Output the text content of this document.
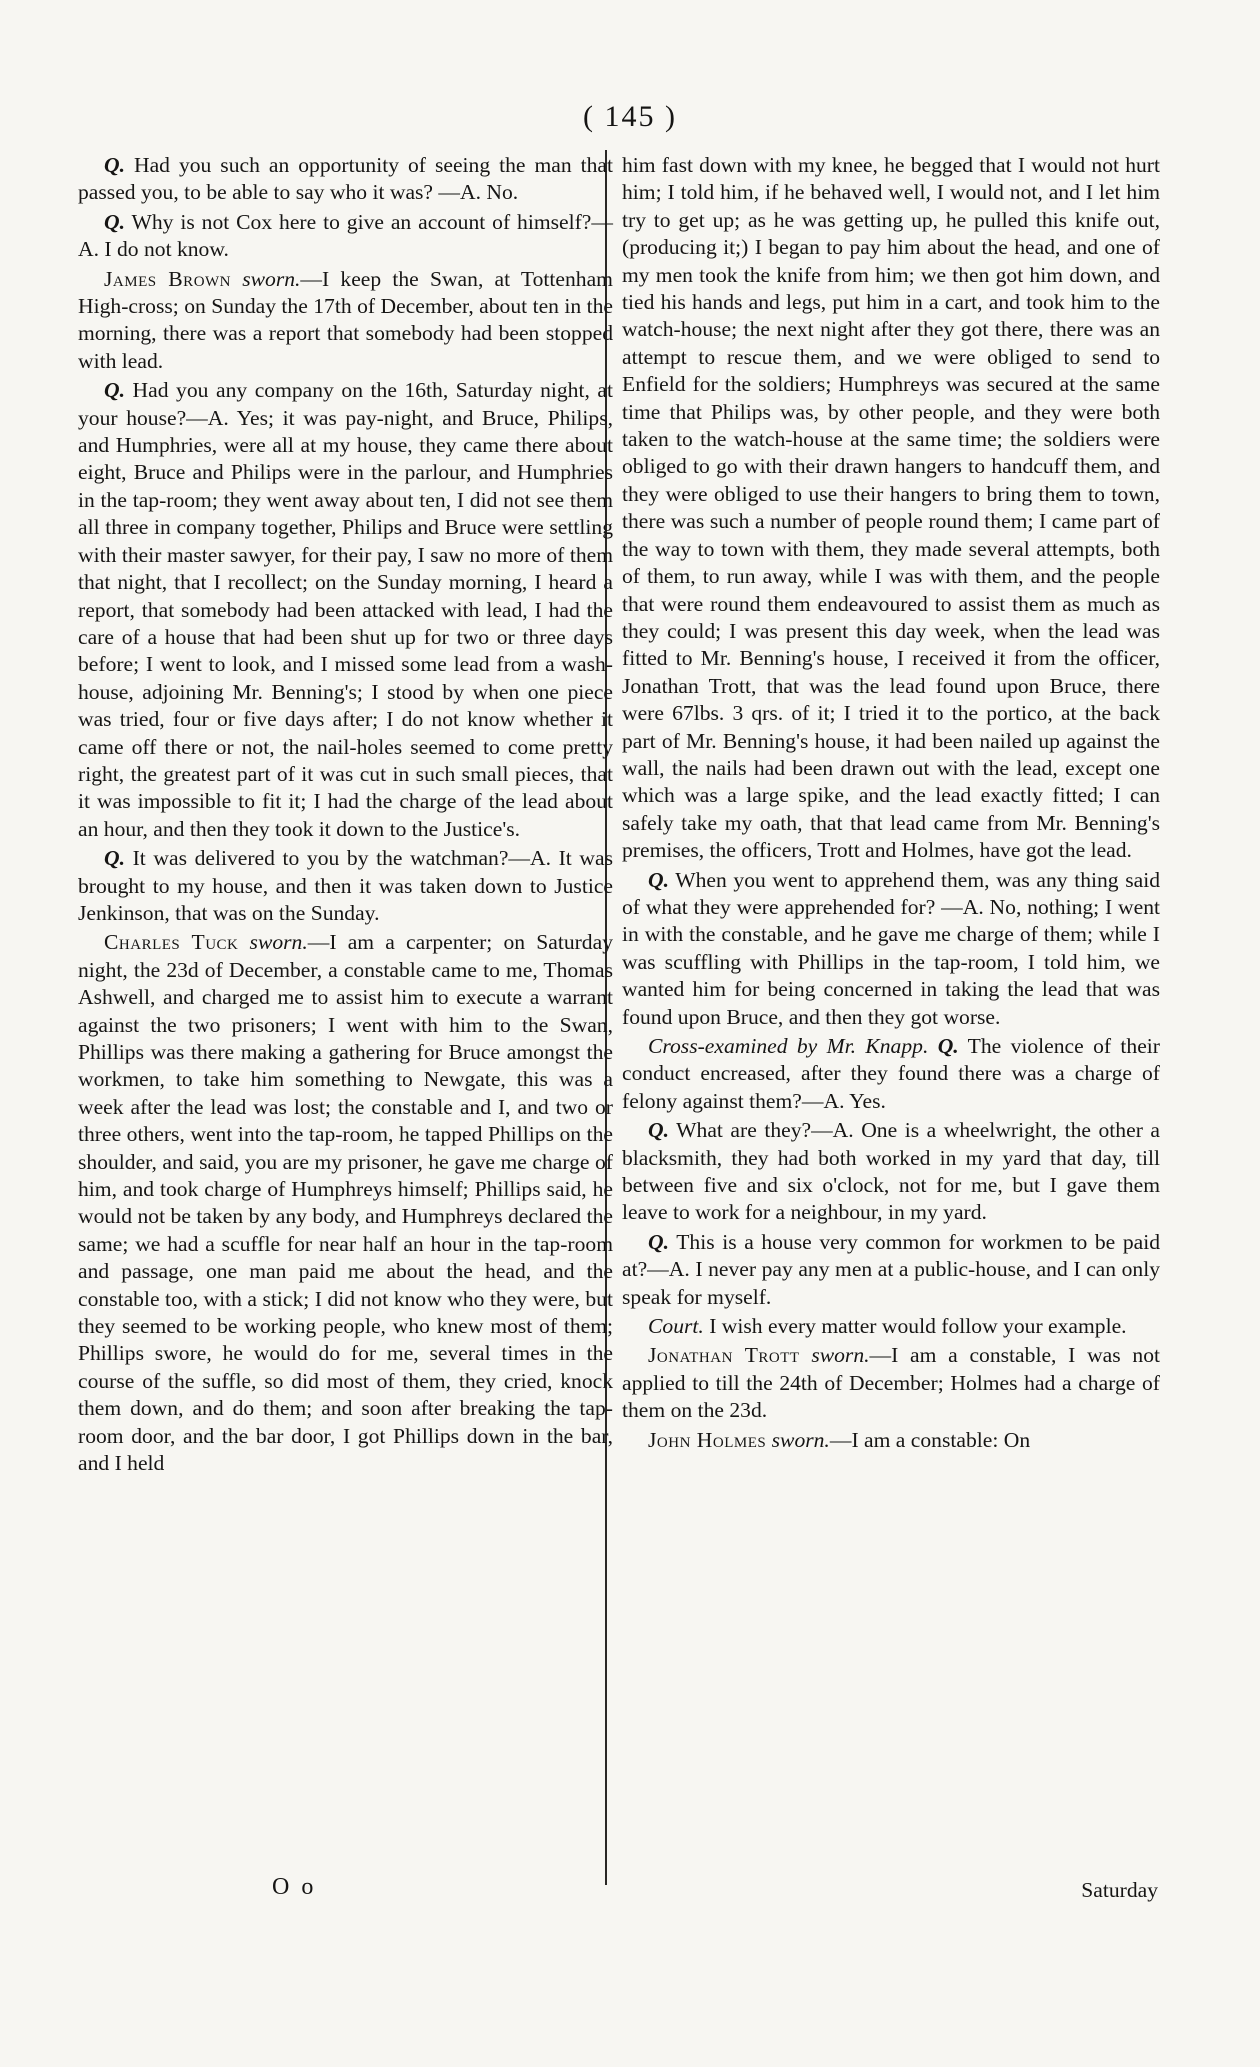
( 145 )

Q. Had you such an opportunity of seeing the man that passed you, to be able to say who it was? —A. No.

Q. Why is not Cox here to give an account of himself?—A. I do not know.

James Brown sworn.—I keep the Swan, at Tottenham High-cross; on Sunday the 17th of December, about ten in the morning, there was a report that somebody had been stopped with lead.

Q. Had you any company on the 16th, Saturday night, at your house?—A. Yes; it was pay-night, and Bruce, Philips, and Humphries, were all at my house, they came there about eight, Bruce and Philips were in the parlour, and Humphries in the tap-room; they went away about ten, I did not see them all three in company together, Philips and Bruce were settling with their master sawyer, for their pay, I saw no more of them that night, that I recollect; on the Sunday morning, I heard a report, that somebody had been attacked with lead, I had the care of a house that had been shut up for two or three days before; I went to look, and I missed some lead from a wash-house, adjoining Mr. Benning's; I stood by when one piece was tried, four or five days after; I do not know whether it came off there or not, the nail-holes seemed to come pretty right, the greatest part of it was cut in such small pieces, that it was impossible to fit it; I had the charge of the lead about an hour, and then they took it down to the Justice's.

Q. It was delivered to you by the watchman?—A. It was brought to my house, and then it was taken down to Justice Jenkinson, that was on the Sunday.

Charles Tuck sworn.—I am a carpenter; on Saturday night, the 23d of December, a constable came to me, Thomas Ashwell, and charged me to assist him to execute a warrant against the two prisoners; I went with him to the Swan, Phillips was there making a gathering for Bruce amongst the workmen, to take him something to Newgate, this was a week after the lead was lost; the constable and I, and two or three others, went into the tap-room, he tapped Phillips on the shoulder, and said, you are my prisoner, he gave me charge of him, and took charge of Humphreys himself; Phillips said, he would not be taken by any body, and Humphreys declared the same; we had a scuffle for near half an hour in the tap-room and passage, one man paid me about the head, and the constable too, with a stick; I did not know who they were, but they seemed to be working people, who knew most of them; Phillips swore, he would do for me, several times in the course of the suffle, so did most of them, they cried, knock them down, and do them; and soon after breaking the tap-room door, and the bar door, I got Phillips down in the bar, and I held

him fast down with my knee, he begged that I would not hurt him; I told him, if he behaved well, I would not, and I let him try to get up; as he was getting up, he pulled this knife out, (producing it;) I began to pay him about the head, and one of my men took the knife from him; we then got him down, and tied his hands and legs, put him in a cart, and took him to the watch-house; the next night after they got there, there was an attempt to rescue them, and we were obliged to send to Enfield for the soldiers; Humphreys was secured at the same time that Philips was, by other people, and they were both taken to the watch-house at the same time; the soldiers were obliged to go with their drawn hangers to handcuff them, and they were obliged to use their hangers to bring them to town, there was such a number of people round them; I came part of the way to town with them, they made several attempts, both of them, to run away, while I was with them, and the people that were round them endeavoured to assist them as much as they could; I was present this day week, when the lead was fitted to Mr. Benning's house, I received it from the officer, Jonathan Trott, that was the lead found upon Bruce, there were 67lbs. 3 qrs. of it; I tried it to the portico, at the back part of Mr. Benning's house, it had been nailed up against the wall, the nails had been drawn out with the lead, except one which was a large spike, and the lead exactly fitted; I can safely take my oath, that that lead came from Mr. Benning's premises, the officers, Trott and Holmes, have got the lead.

Q. When you went to apprehend them, was any thing said of what they were apprehended for? —A. No, nothing; I went in with the constable, and he gave me charge of them; while I was scuffling with Phillips in the tap-room, I told him, we wanted him for being concerned in taking the lead that was found upon Bruce, and then they got worse.

Cross-examined by Mr. Knapp. Q. The violence of their conduct encreased, after they found there was a charge of felony against them?—A. Yes.

Q. What are they?—A. One is a wheelwright, the other a blacksmith, they had both worked in my yard that day, till between five and six o'clock, not for me, but I gave them leave to work for a neighbour, in my yard.

Q. This is a house very common for workmen to be paid at?—A. I never pay any men at a public-house, and I can only speak for myself.

Court. I wish every matter would follow your example.

Jonathan Trott sworn.—I am a constable, I was not applied to till the 24th of December; Holmes had a charge of them on the 23d.

John Holmes sworn.—I am a constable: On

O o	Saturday
